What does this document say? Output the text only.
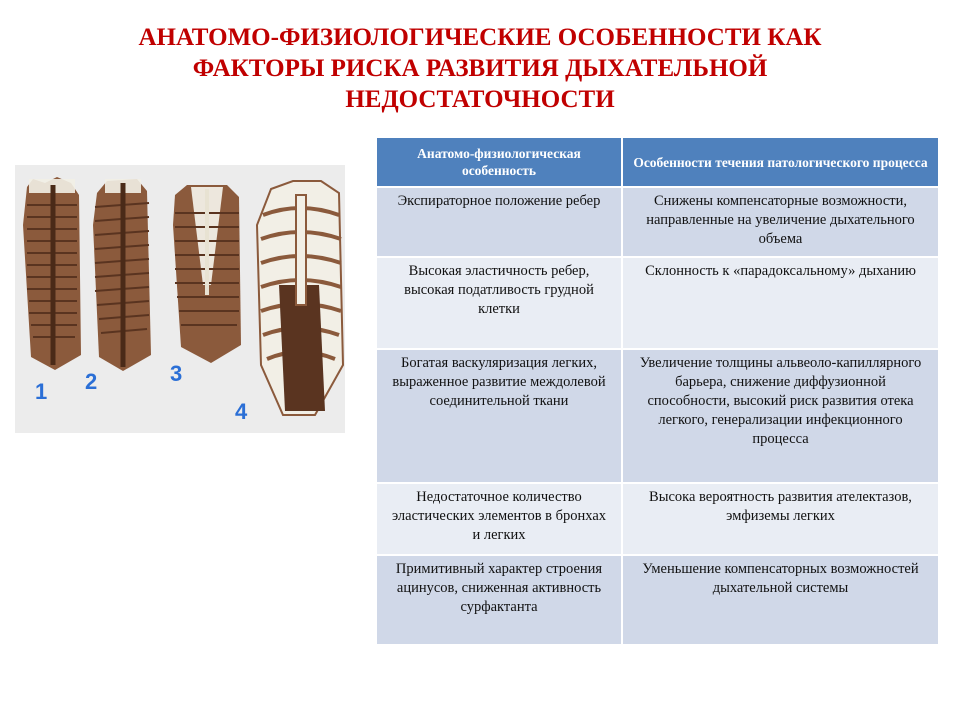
АНАТОМО-ФИЗИОЛОГИЧЕСКИЕ ОСОБЕННОСТИ КАК
ФАКТОРЫ РИСКА РАЗВИТИЯ ДЫХАТЕЛЬНОЙ
НЕДОСТАТОЧНОСТИ
1 2	3
4
Анатомо-физиологическая особенность	Особенности течения патологического процесса
Экспираторное положение ребер	Снижены компенсаторные возможности, направленные на увеличение дыхательного объема
Высокая эластичность ребер, высокая податливость грудной клетки	Склонность к «парадоксальному» дыханию
Богатая васкуляризация легких, выраженное развитие междолевой соединительной ткани	Увеличение толщины альвеоло-капиллярного барьера, снижение диффузионной способности, высокий риск развития отека легкого, генерализации инфекционного процесса
Недостаточное количество эластических элементов в бронхах и легких	Высока вероятность развития ателектазов, эмфиземы легких
Примитивный характер строения ацинусов, сниженная активность сурфактанта	Уменьшение компенсаторных возможностей дыхательной системы
